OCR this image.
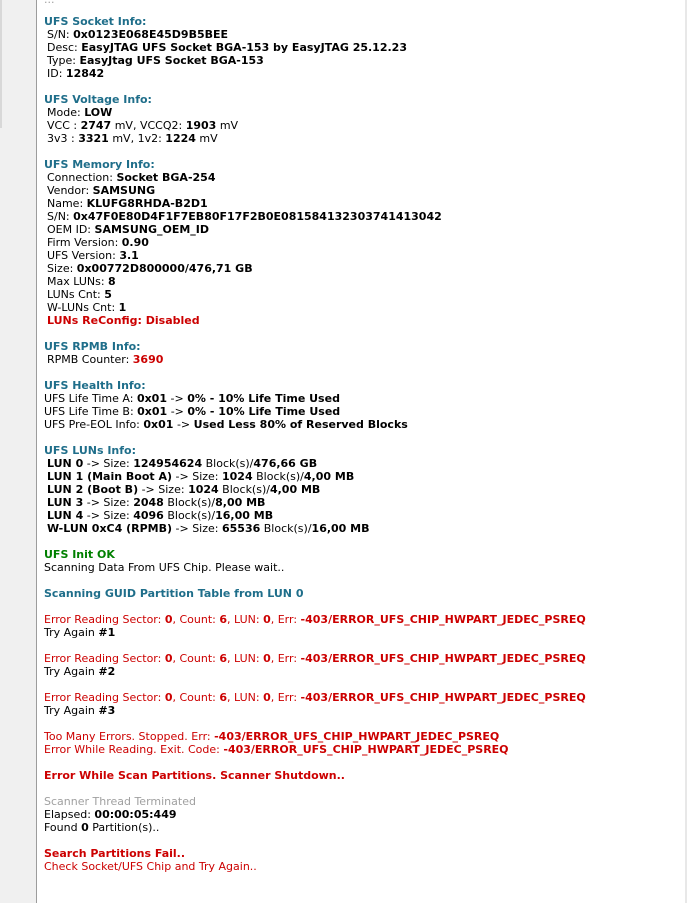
UFS Socket Info:
S/N: 0x0123E068E45D9B5BEE
Desc: EasyJTAG UFS Socket BGA-153 by EasyJTAG 25.12.23
Type: EasyJtag UFS Socket BGA-153
ID: 12842
UFS Voltage Info:
Mode: LOW
VCC : 2747 mV, VCCQ2: 1903 mV
3v3 : 3321 mV, 1v2: 1224 mV
UFS Memory Info:
Connection: Socket BGA-254
Vendor: SAMSUNG
Name: KLUFG8RHDA-B2D1
S/N: 0x47F0E80D4F1F7EB80F17F2B0E0815841323037414130​42
OEM ID: SAMSUNG_OEM_ID
Firm Version: 0.90
UFS Version: 3.1
Size: 0x00772D800000/476,71 GB
Max LUNs: 8
LUNs Cnt: 5
W-LUNs Cnt: 1
LUNs ReConfig: Disabled
UFS RPMB Info:
RPMB Counter: 3690
UFS Health Info:
UFS Life Time A: 0x01 -> 0% - 10% Life Time Used
UFS Life Time B: 0x01 -> 0% - 10% Life Time Used
UFS Pre-EOL Info: 0x01 -> Used Less 80% of Reserved Blocks
UFS LUNs Info:
LUN 0 -> Size: 124954624 Block(s)/476,66 GB
LUN 1 (Main Boot A) -> Size: 1024 Block(s)/4,00 MB
LUN 2 (Boot B) -> Size: 1024 Block(s)/4,00 MB
LUN 3 -> Size: 2048 Block(s)/8,00 MB
LUN 4 -> Size: 4096 Block(s)/16,00 MB
W-LUN 0xC4 (RPMB) -> Size: 65536 Block(s)/16,00 MB
UFS Init OK
Scanning Data From UFS Chip. Please wait..
Scanning GUID Partition Table from LUN 0
Error Reading Sector: 0, Count: 6, LUN: 0, Err: -403/ERROR_UFS_CHIP_HWPART_JEDEC_PSREQ
Try Again #1
Error Reading Sector: 0, Count: 6, LUN: 0, Err: -403/ERROR_UFS_CHIP_HWPART_JEDEC_PSREQ
Try Again #2
Error Reading Sector: 0, Count: 6, LUN: 0, Err: -403/ERROR_UFS_CHIP_HWPART_JEDEC_PSREQ
Try Again #3
Too Many Errors. Stopped. Err: -403/ERROR_UFS_CHIP_HWPART_JEDEC_PSREQ
Error While Reading. Exit. Code: -403/ERROR_UFS_CHIP_HWPART_JEDEC_PSREQ
Error While Scan Partitions. Scanner Shutdown..
Scanner Thread Terminated
Elapsed: 00:00:05:449
Found 0 Partition(s)..
Search Partitions Fail..
Check Socket/UFS Chip and Try Again..
